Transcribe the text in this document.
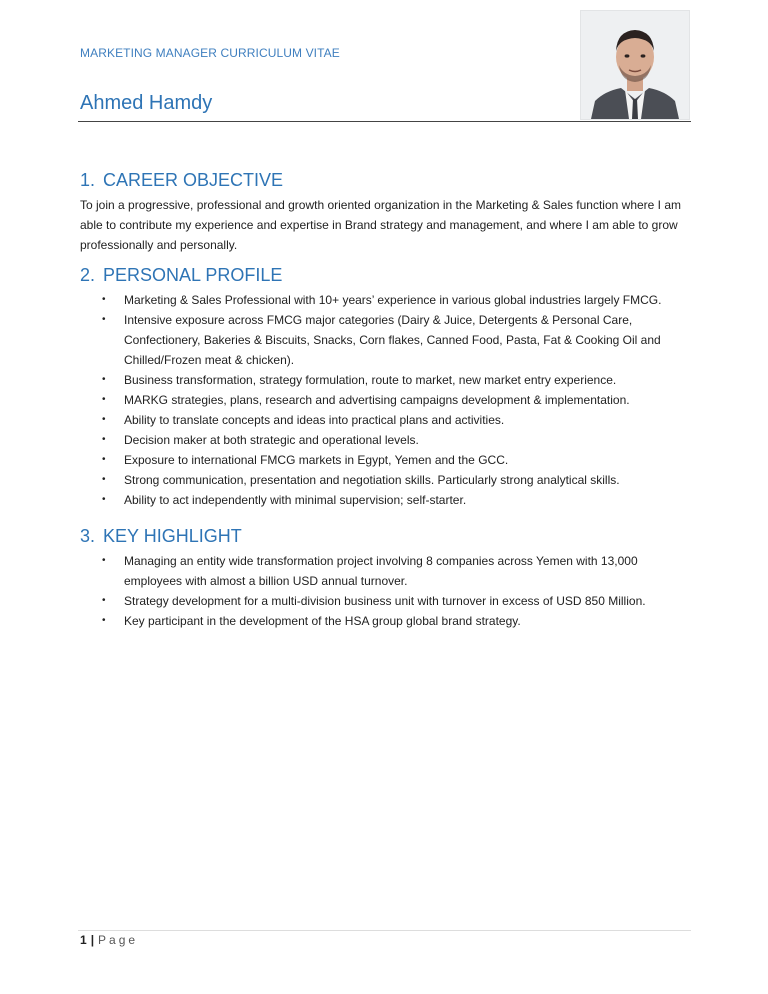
MARKETING MANAGER CURRICULUM VITAE
Ahmed Hamdy
1. CAREER OBJECTIVE

To join a progressive, professional and growth oriented organization in the Marketing & Sales function where I am able to contribute my experience and expertise in Brand strategy and management, and where I am able to grow professionally and personally.

2. PERSONAL PROFILE
• Marketing & Sales Professional with 10+ years’ experience in various global industries largely FMCG.
• Intensive exposure across FMCG major categories (Dairy & Juice, Detergents & Personal Care, Confectionery, Bakeries & Biscuits, Snacks, Corn flakes, Canned Food, Pasta, Fat & Cooking Oil and Chilled/Frozen meat & chicken).
• Business transformation, strategy formulation, route to market, new market entry experience.
• MARKG strategies, plans, research and advertising campaigns development & implementation.
• Ability to translate concepts and ideas into practical plans and activities.
• Decision maker at both strategic and operational levels.
• Exposure to international FMCG markets in Egypt, Yemen and the GCC.
• Strong communication, presentation and negotiation skills. Particularly strong analytical skills.
• Ability to act independently with minimal supervision; self-starter.
3. KEY HIGHLIGHT
• Managing an entity wide transformation project involving 8 companies across Yemen with 13,000 employees with almost a billion USD annual turnover.
• Strategy development for a multi-division business unit with turnover in excess of USD 850 Million.
• Key participant in the development of the HSA group global brand strategy.
1 | Page
